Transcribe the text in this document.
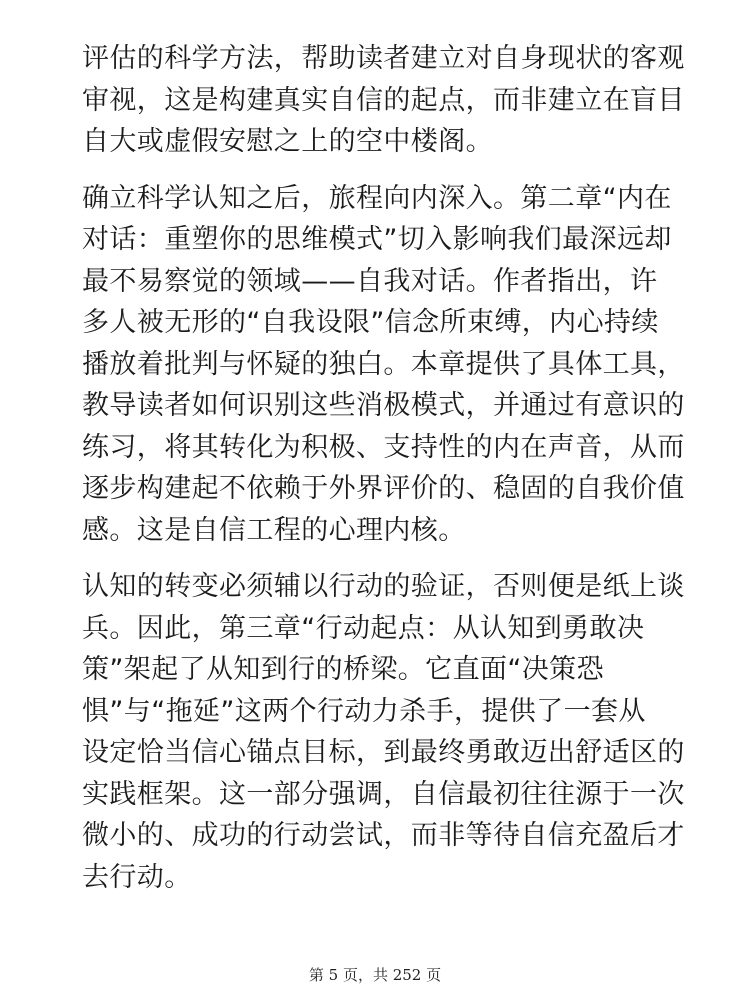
评估的科学方法，帮助读者建立对自身现状的客观
审视，这是构建真实自信的起点，而非建立在盲目
自大或虚假安慰之上的空中楼阁。

确立科学认知之后，旅程向内深入。第二章“内在
对话：重塑你的思维模式”切入影响我们最深远却
最不易察觉的领域——自我对话。作者指出，许
多人被无形的“自我设限”信念所束缚，内心持续
播放着批判与怀疑的独白。本章提供了具体工具，
教导读者如何识别这些消极模式，并通过有意识的
练习，将其转化为积极、支持性的内在声音，从而
逐步构建起不依赖于外界评价的、稳固的自我价值
感。这是自信工程的心理内核。

认知的转变必须辅以行动的验证，否则便是纸上谈
兵。因此，第三章“行动起点：从认知到勇敢决
策”架起了从知到行的桥梁。它直面“决策恐
惧”与“拖延”这两个行动力杀手，提供了一套从
设定恰当信心锚点目标，到最终勇敢迈出舒适区的
实践框架。这一部分强调，自信最初往往源于一次
微小的、成功的行动尝试，而非等待自信充盈后才
去行动。

第 5 页，共 252 页
